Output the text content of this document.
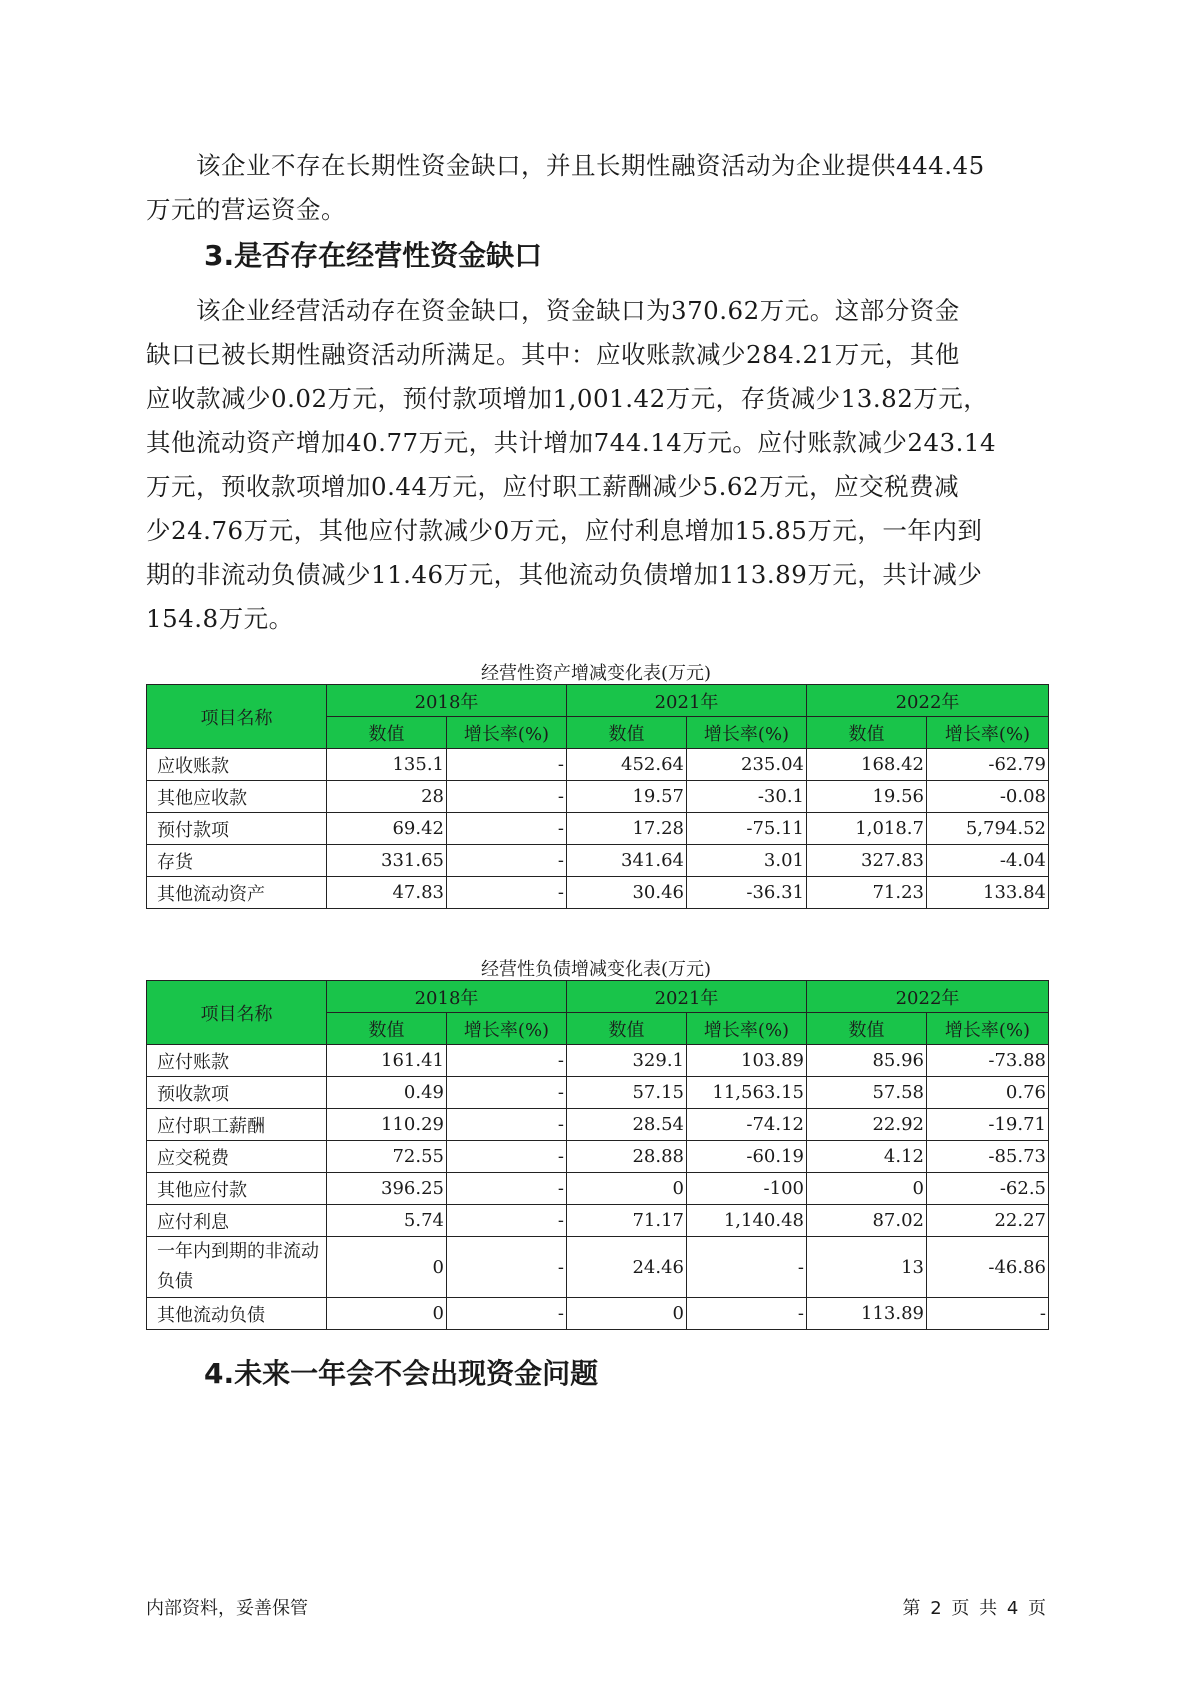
该企业不存在长期性资金缺口，并且长期性融资活动为企业提供444.45
万元的营运资金。

3.是否存在经营性资金缺口

该企业经营活动存在资金缺口，资金缺口为370.62万元。这部分资金
缺口已被长期性融资活动所满足。其中：应收账款减少284.21万元，其他
应收款减少0.02万元，预付款项增加1,001.42万元，存货减少13.82万元，
其他流动资产增加40.77万元，共计增加744.14万元。应付账款减少243.14
万元，预收款项增加0.44万元，应付职工薪酬减少5.62万元，应交税费减
少24.76万元，其他应付款减少0万元，应付利息增加15.85万元，一年内到
期的非流动负债减少11.46万元，其他流动负债增加113.89万元，共计减少
154.8万元。

经营性资产增减变化表(万元)

项目名称	2018年		2021年		2022年	
	数值	增长率(%)	数值	增长率(%)	数值	增长率(%)
应收账款	135.1	-	452.64	235.04	168.42	-62.79
其他应收款	28	-	19.57	-30.1	19.56	-0.08
预付款项	69.42	-	17.28	-75.11	1,018.7	5,794.52
存货	331.65	-	341.64	3.01	327.83	-4.04
其他流动资产	47.83	-	30.46	-36.31	71.23	133.84

经营性负债增减变化表(万元)

项目名称	2018年		2021年		2022年	
	数值	增长率(%)	数值	增长率(%)	数值	增长率(%)
应付账款	161.41	-	329.1	103.89	85.96	-73.88
预收款项	0.49	-	57.15	11,563.15	57.58	0.76
应付职工薪酬	110.29	-	28.54	-74.12	22.92	-19.71
应交税费	72.55	-	28.88	-60.19	4.12	-85.73
其他应付款	396.25	-	0	-100	0	-62.5
应付利息	5.74	-	71.17	1,140.48	87.02	22.27
一年内到期的非流动负债	0	-	24.46	-	13	-46.86
其他流动负债	0	-	0	-	113.89	-
4.未来一年会不会出现资金问题

内部资料，妥善保管	第 2 页 共 4 页
